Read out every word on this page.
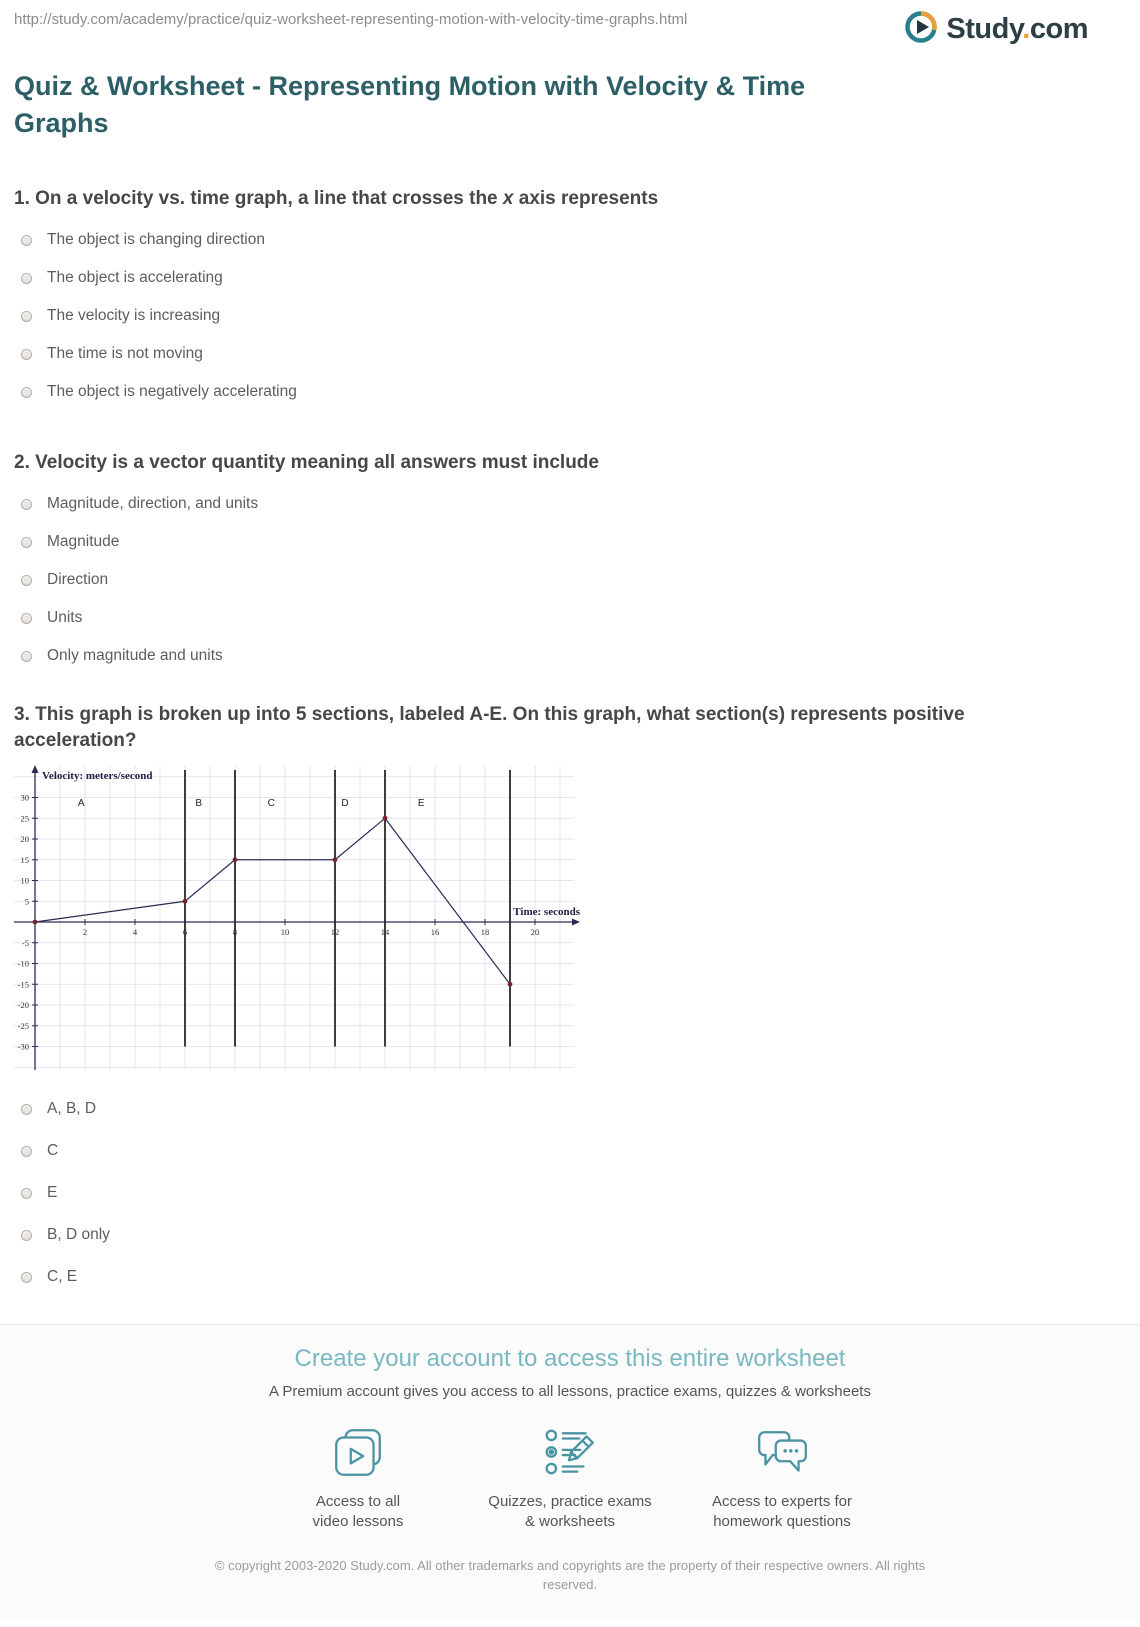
http://study.com/academy/practice/quiz-worksheet-representing-motion-with-velocity-time-graphs.html	Study.com
Quiz & Worksheet - Representing Motion with Velocity & Time Graphs
1. On a velocity vs. time graph, a line that crosses the x axis represents
The object is changing direction
The object is accelerating
The velocity is increasing
The time is not moving
The object is negatively accelerating
2. Velocity is a vector quantity meaning all answers must include
Magnitude, direction, and units
Magnitude
Direction
Units
Only magnitude and units
3. This graph is broken up into 5 sections, labeled A-E. On this graph, what section(s) represents positive acceleration?
2	4	6	8	10	12	14	16	18	20
30
25
20
15
10
5
-5
-10
-15
-20
-25
-30
A	B	C	D	E
Velocity: meters/second
Time: seconds
A, B, D
C
E
B, D only
C, E
Create your account to access this entire worksheet
A Premium account gives you access to all lessons, practice exams, quizzes & worksheets
Access to all
video lessons
Quizzes, practice exams
& worksheets
Access to experts for
homework questions
© copyright 2003-2020 Study.com. All other trademarks and copyrights are the property of their respective owners. All rights reserved.
